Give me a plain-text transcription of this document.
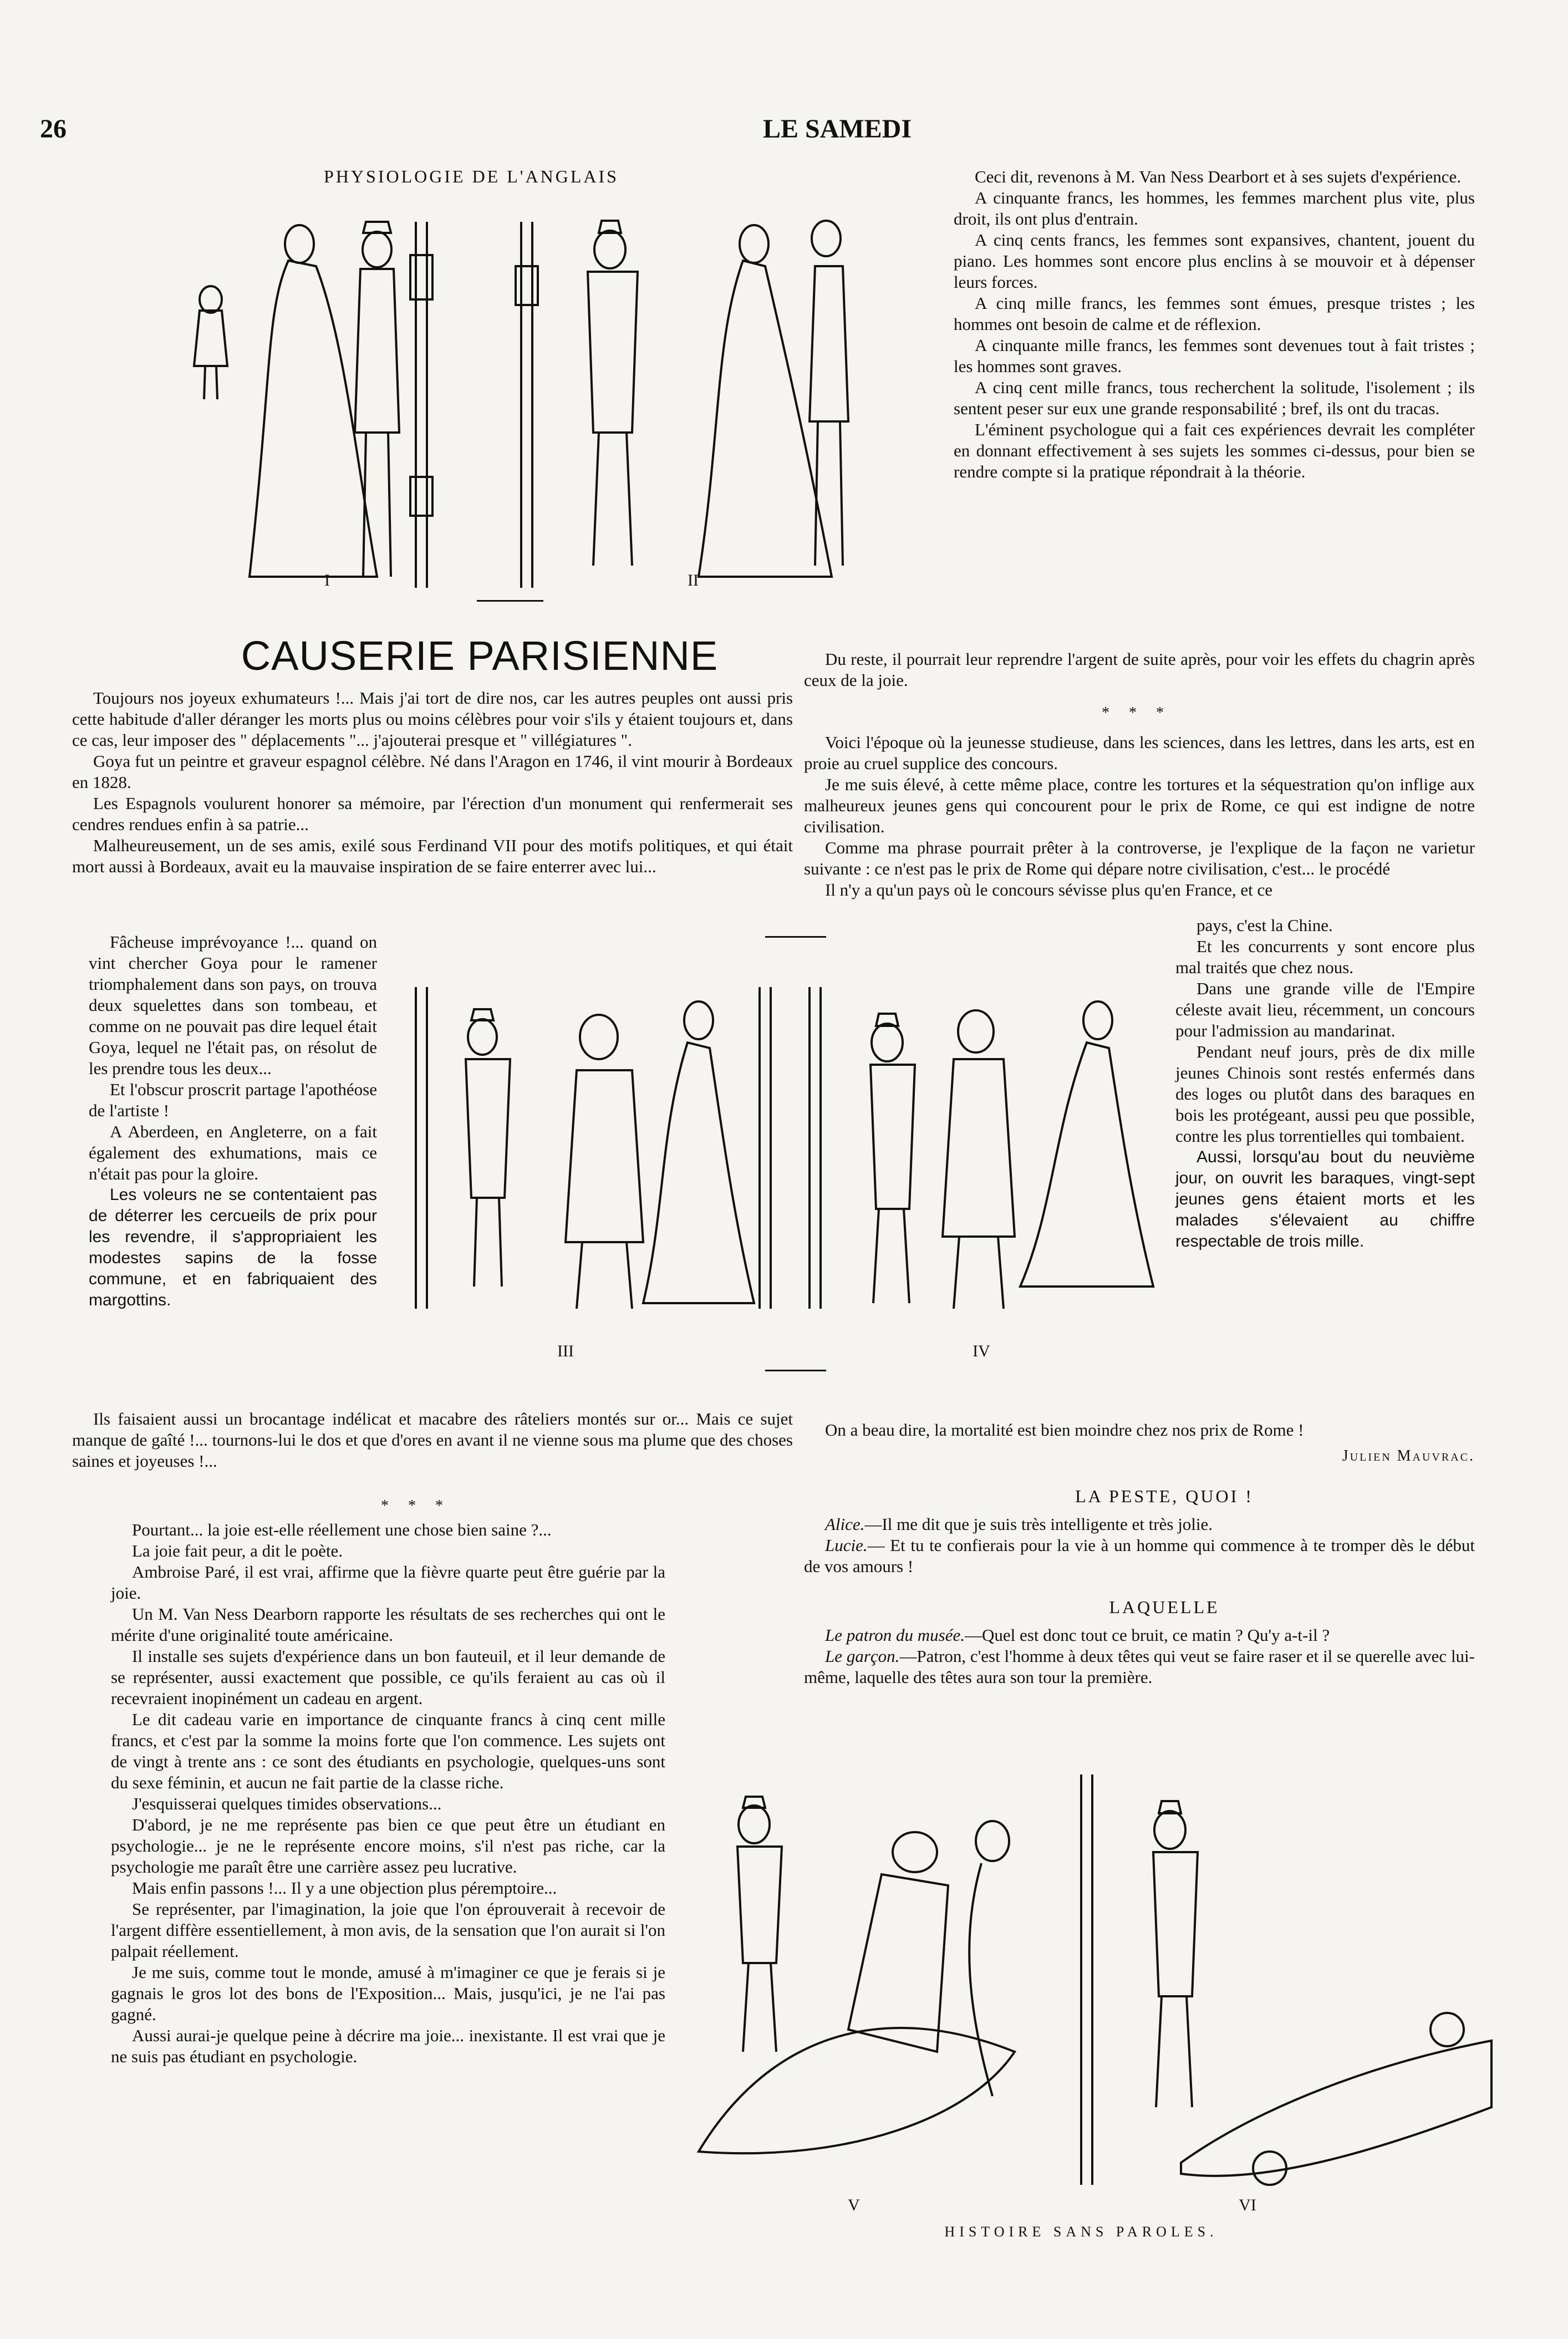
26	LE SAMEDI
PHYSIOLOGIE DE L'ANGLAIS
I	II
CAUSERIE PARISIENNE

Toujours nos joyeux exhumateurs !... Mais j'ai tort de dire nos, car les autres peuples ont aussi pris cette habitude d'aller déranger les morts plus ou moins célèbres pour voir s'ils y étaient toujours et, dans ce cas, leur imposer des " déplacements "... j'ajouterai presque et " villégiatures ".

Goya fut un peintre et graveur espagnol célèbre. Né dans l'Aragon en 1746, il vint mourir à Bordeaux en 1828.

Les Espagnols voulurent honorer sa mémoire, par l'érection d'un monument qui renfermerait ses cendres rendues enfin à sa patrie...

Malheureusement, un de ses amis, exilé sous Ferdinand VII pour des motifs politiques, et qui était mort aussi à Bordeaux, avait eu la mauvaise inspiration de se faire enterrer avec lui...

Fâcheuse imprévoyance !... quand on vint chercher Goya pour le ramener triomphalement dans son pays, on trouva deux squelettes dans son tombeau, et comme on ne pouvait pas dire lequel était Goya, lequel ne l'était pas, on résolut de les prendre tous les deux...

Et l'obscur proscrit partage l'apothéose de l'artiste !

A Aberdeen, en Angleterre, on a fait également des exhumations, mais ce n'était pas pour la gloire.

Les voleurs ne se contentaient pas de déterrer les cercueils de prix pour les revendre, il s'appropriaient les modestes sapins de la fosse commune, et en fabriquaient des margottins.

III	IV

Ils faisaient aussi un brocantage indélicat et macabre des râteliers montés sur or... Mais ce sujet manque de gaîté !... tournons-lui le dos et que d'ores en avant il ne vienne sous ma plume que des choses saines et joyeuses !...

* * *

Pourtant... la joie est-elle réellement une chose bien saine ?...

La joie fait peur, a dit le poète.

Ambroise Paré, il est vrai, affirme que la fièvre quarte peut être guérie par la joie.

Un M. Van Ness Dearborn rapporte les résultats de ses recherches qui ont le mérite d'une originalité toute américaine.

Il installe ses sujets d'expérience dans un bon fauteuil, et il leur demande de se représenter, aussi exactement que possible, ce qu'ils feraient au cas où il recevraient inopinément un cadeau en argent.

Le dit cadeau varie en importance de cinquante francs à cinq cent mille francs, et c'est par la somme la moins forte que l'on commence. Les sujets ont de vingt à trente ans : ce sont des étudiants en psychologie, quelques-uns sont du sexe féminin, et aucun ne fait partie de la classe riche.

J'esquisserai quelques timides observations...

D'abord, je ne me représente pas bien ce que peut être un étudiant en psychologie... je ne le représente encore moins, s'il n'est pas riche, car la psychologie me paraît être une carrière assez peu lucrative.

Mais enfin passons !... Il y a une objection plus péremptoire...

Se représenter, par l'imagination, la joie que l'on éprouverait à recevoir de l'argent diffère essentiellement, à mon avis, de la sensation que l'on aurait si l'on palpait réellement.

Je me suis, comme tout le monde, amusé à m'imaginer ce que je ferais si je gagnais le gros lot des bons de l'Exposition... Mais, jusqu'ici, je ne l'ai pas gagné.

Aussi aurai-je quelque peine à décrire ma joie... inexistante. Il est vrai que je ne suis pas étudiant en psychologie.

Ceci dit, revenons à M. Van Ness Dearbort et à ses sujets d'expérience.

A cinquante francs, les hommes, les femmes marchent plus vite, plus droit, ils ont plus d'entrain.

A cinq cents francs, les femmes sont expansives, chantent, jouent du piano. Les hommes sont encore plus enclins à se mouvoir et à dépenser leurs forces.

A cinq mille francs, les femmes sont émues, presque tristes ; les hommes ont besoin de calme et de réflexion.

A cinquante mille francs, les femmes sont devenues tout à fait tristes ; les hommes sont graves.

A cinq cent mille francs, tous recherchent la solitude, l'isolement ; ils sentent peser sur eux une grande responsabilité ; bref, ils ont du tracas.

L'éminent psychologue qui a fait ces expériences devrait les compléter en donnant effectivement à ses sujets les sommes ci-dessus, pour bien se rendre compte si la pratique répondrait à la théorie.

Du reste, il pourrait leur reprendre l'argent de suite après, pour voir les effets du chagrin après ceux de la joie.

* * *

Voici l'époque où la jeunesse studieuse, dans les sciences, dans les lettres, dans les arts, est en proie au cruel supplice des concours.

Je me suis élevé, à cette même place, contre les tortures et la séquestration qu'on inflige aux malheureux jeunes gens qui concourent pour le prix de Rome, ce qui est indigne de notre civilisation.

Comme ma phrase pourrait prêter à la controverse, je l'explique de la façon ne varietur suivante : ce n'est pas le prix de Rome qui dépare notre civilisation, c'est... le procédé

Il n'y a qu'un pays où le concours sévisse plus qu'en France, et ce

pays, c'est la Chine.

Et les concurrents y sont encore plus mal traités que chez nous.

Dans une grande ville de l'Empire céleste avait lieu, récemment, un concours pour l'admission au mandarinat.

Pendant neuf jours, près de dix mille jeunes Chinois sont restés enfermés dans des loges ou plutôt dans des baraques en bois les protégeant, aussi peu que possible, contre les plus torrentielles qui tombaient.

Aussi, lorsqu'au bout du neuvième jour, on ouvrit les baraques, vingt-sept jeunes gens étaient morts et les malades s'élevaient au chiffre respectable de trois mille.

On a beau dire, la mortalité est bien moindre chez nos prix de Rome !

Julien Mauvrac.
LA PESTE, QUOI !

Alice.—Il me dit que je suis très intelligente et très jolie.

Lucie.— Et tu te confierais pour la vie à un homme qui commence à te tromper dès le début de vos amours !

LAQUELLE

Le patron du musée.—Quel est donc tout ce bruit, ce matin ? Qu'y a-t-il ?

Le garçon.—Patron, c'est l'homme à deux têtes qui veut se faire raser et il se querelle avec lui-même, laquelle des têtes aura son tour la première.

V	VI
HISTOIRE SANS PAROLES.
